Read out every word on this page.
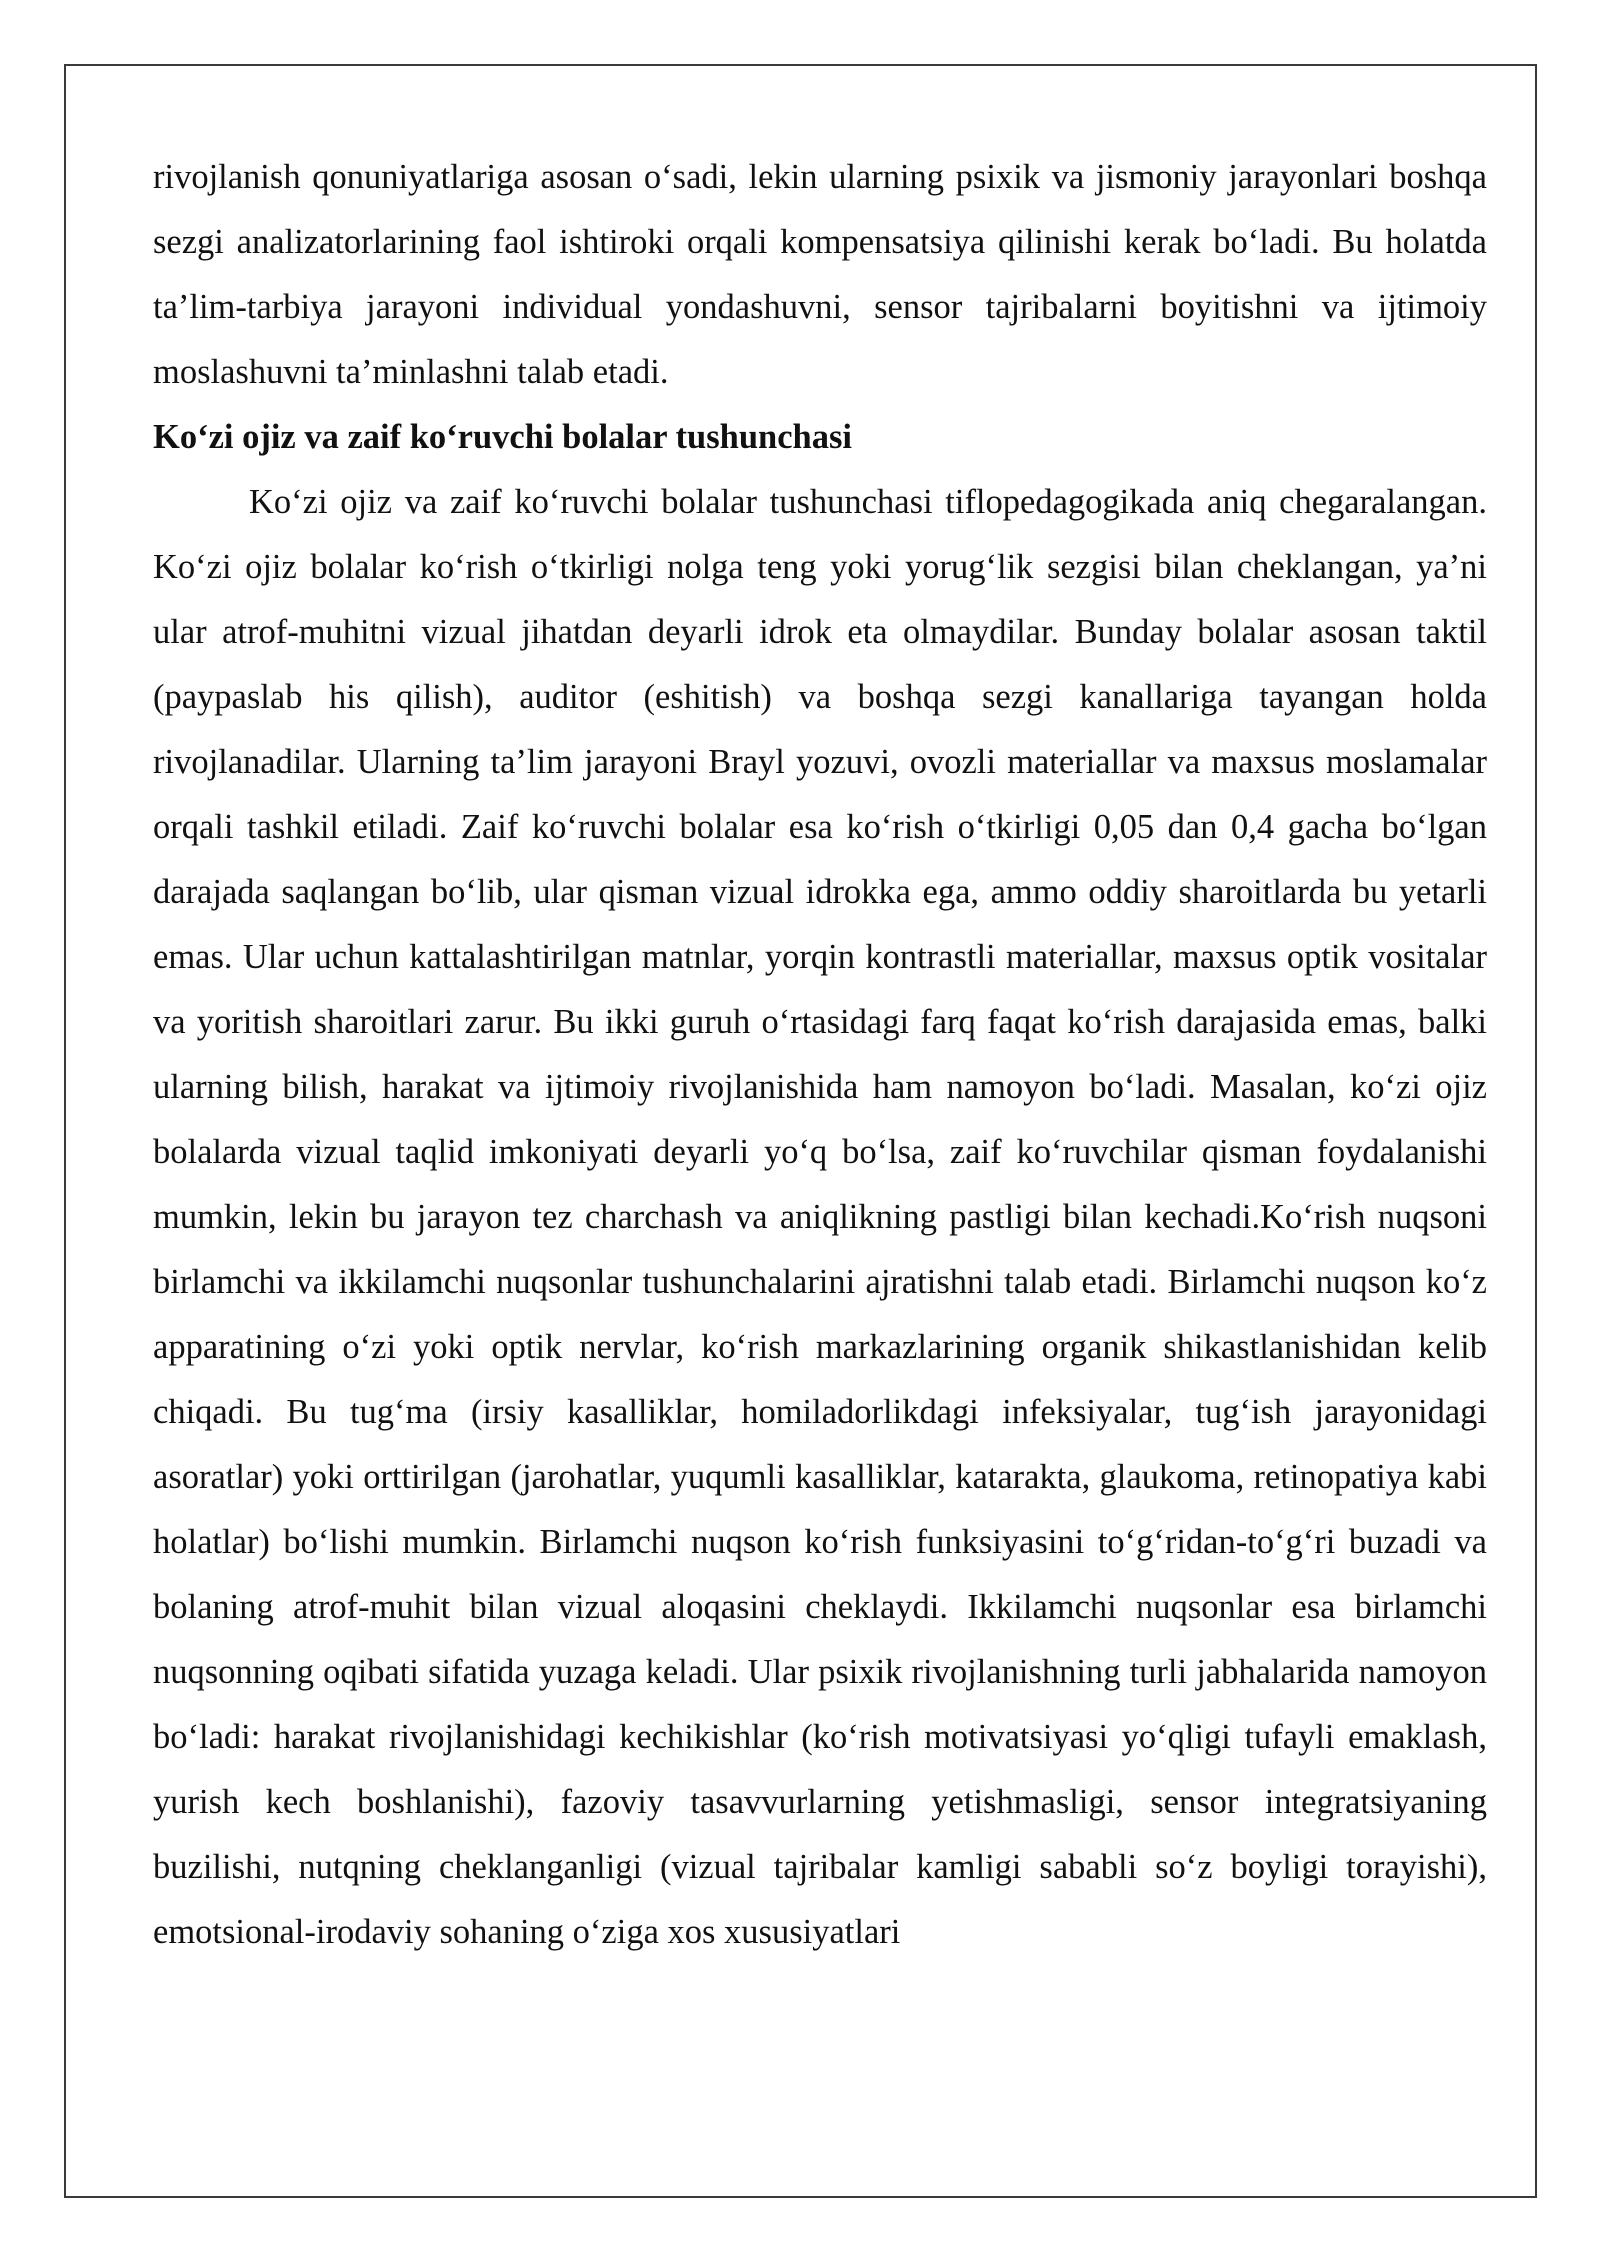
rivojlanish qonuniyatlariga asosan o‘sadi, lekin ularning psixik va jismoniy jarayonlari boshqa sezgi analizatorlarining faol ishtiroki orqali kompensatsiya qilinishi kerak bo‘ladi. Bu holatda ta’lim-tarbiya jarayoni individual yondashuvni, sensor tajribalarni boyitishni va ijtimoiy moslashuvni ta’minlashni talab etadi.

Ko‘zi ojiz va zaif ko‘ruvchi bolalar tushunchasi

Ko‘zi ojiz va zaif ko‘ruvchi bolalar tushunchasi tiflopedagogikada aniq chegaralangan. Ko‘zi ojiz bolalar ko‘rish o‘tkirligi nolga teng yoki yorug‘lik sezgisi bilan cheklangan, ya’ni ular atrof-muhitni vizual jihatdan deyarli idrok eta olmaydilar. Bunday bolalar asosan taktil (paypaslab his qilish), auditor (eshitish) va boshqa sezgi kanallariga tayangan holda rivojlanadilar. Ularning ta’lim jarayoni Brayl yozuvi, ovozli materiallar va maxsus moslamalar orqali tashkil etiladi. Zaif ko‘ruvchi bolalar esa ko‘rish o‘tkirligi 0,05 dan 0,4 gacha bo‘lgan darajada saqlangan bo‘lib, ular qisman vizual idrokka ega, ammo oddiy sharoitlarda bu yetarli emas. Ular uchun kattalashtirilgan matnlar, yorqin kontrastli materiallar, maxsus optik vositalar va yoritish sharoitlari zarur. Bu ikki guruh o‘rtasidagi farq faqat ko‘rish darajasida emas, balki ularning bilish, harakat va ijtimoiy rivojlanishida ham namoyon bo‘ladi. Masalan, ko‘zi ojiz bolalarda vizual taqlid imkoniyati deyarli yo‘q bo‘lsa, zaif ko‘ruvchilar qisman foydalanishi mumkin, lekin bu jarayon tez charchash va aniqlikning pastligi bilan kechadi.Ko‘rish nuqsoni birlamchi va ikkilamchi nuqsonlar tushunchalarini ajratishni talab etadi. Birlamchi nuqson ko‘z apparatining o‘zi yoki optik nervlar, ko‘rish markazlarining organik shikastlanishidan kelib chiqadi. Bu tug‘ma (irsiy kasalliklar, homiladorlikdagi infeksiyalar, tug‘ish jarayonidagi asoratlar) yoki orttirilgan (jarohatlar, yuqumli kasalliklar, katarakta, glaukoma, retinopatiya kabi holatlar) bo‘lishi mumkin. Birlamchi nuqson ko‘rish funksiyasini to‘g‘ridan-to‘g‘ri buzadi va bolaning atrof-muhit bilan vizual aloqasini cheklaydi. Ikkilamchi nuqsonlar esa birlamchi nuqsonning oqibati sifatida yuzaga keladi. Ular psixik rivojlanishning turli jabhalarida namoyon bo‘ladi: harakat rivojlanishidagi kechikishlar (ko‘rish motivatsiyasi yo‘qligi tufayli emaklash, yurish kech boshlanishi), fazoviy tasavvurlarning yetishmasligi, sensor integratsiyaning buzilishi, nutqning cheklanganligi (vizual tajribalar kamligi sababli so‘z boyligi torayishi), emotsional-irodaviy sohaning o‘ziga xos xususiyatlari
